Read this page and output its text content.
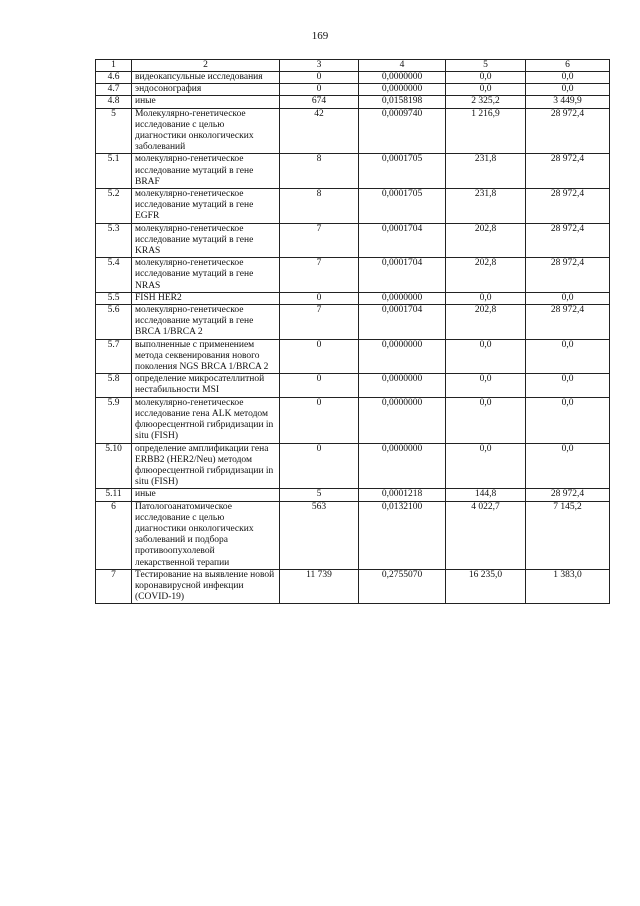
169
1	2	3	4	5	6
4.6	видеокапсульные исследования	0	0,0000000	0,0	0,0
4.7	эндосонография	0	0,0000000	0,0	0,0
4.8	иные	674	0,0158198	2 325,2	3 449,9
5	Молекулярно-генетическое исследование с целью диагностики онкологических заболеваний	42	0,0009740	1 216,9	28 972,4
5.1	молекулярно-генетическое исследование мутаций в гене BRAF	8	0,0001705	231,8	28 972,4
5.2	молекулярно-генетическое исследование мутаций в гене EGFR	8	0,0001705	231,8	28 972,4
5.3	молекулярно-генетическое исследование мутаций в гене KRAS	7	0,0001704	202,8	28 972,4
5.4	молекулярно-генетическое исследование мутаций в гене NRAS	7	0,0001704	202,8	28 972,4
5.5	FISH HER2	0	0,0000000	0,0	0,0
5.6	молекулярно-генетическое исследование мутаций в гене BRCA 1/BRCA 2	7	0,0001704	202,8	28 972,4
5.7	выполненные с применением метода секвенирования нового поколения NGS BRCA 1/BRCA 2	0	0,0000000	0,0	0,0
5.8	определение микросателлитной нестабильности MSI	0	0,0000000	0,0	0,0
5.9	молекулярно-генетическое исследование гена ALK методом флюоресцентной гибридизации in situ (FISH)	0	0,0000000	0,0	0,0
5.10	определение амплификации гена ERBB2 (HER2/Neu) методом флюоресцентной гибридизации in situ (FISH)	0	0,0000000	0,0	0,0
5.11	иные	5	0,0001218	144,8	28 972,4
6	Патологоанатомическое исследование с целью диагностики онкологических заболеваний и подбора противоопухолевой лекарственной терапии	563	0,0132100	4 022,7	7 145,2
7	Тестирование на выявление новой коронавирусной инфекции (COVID-19)	11 739	0,2755070	16 235,0	1 383,0
